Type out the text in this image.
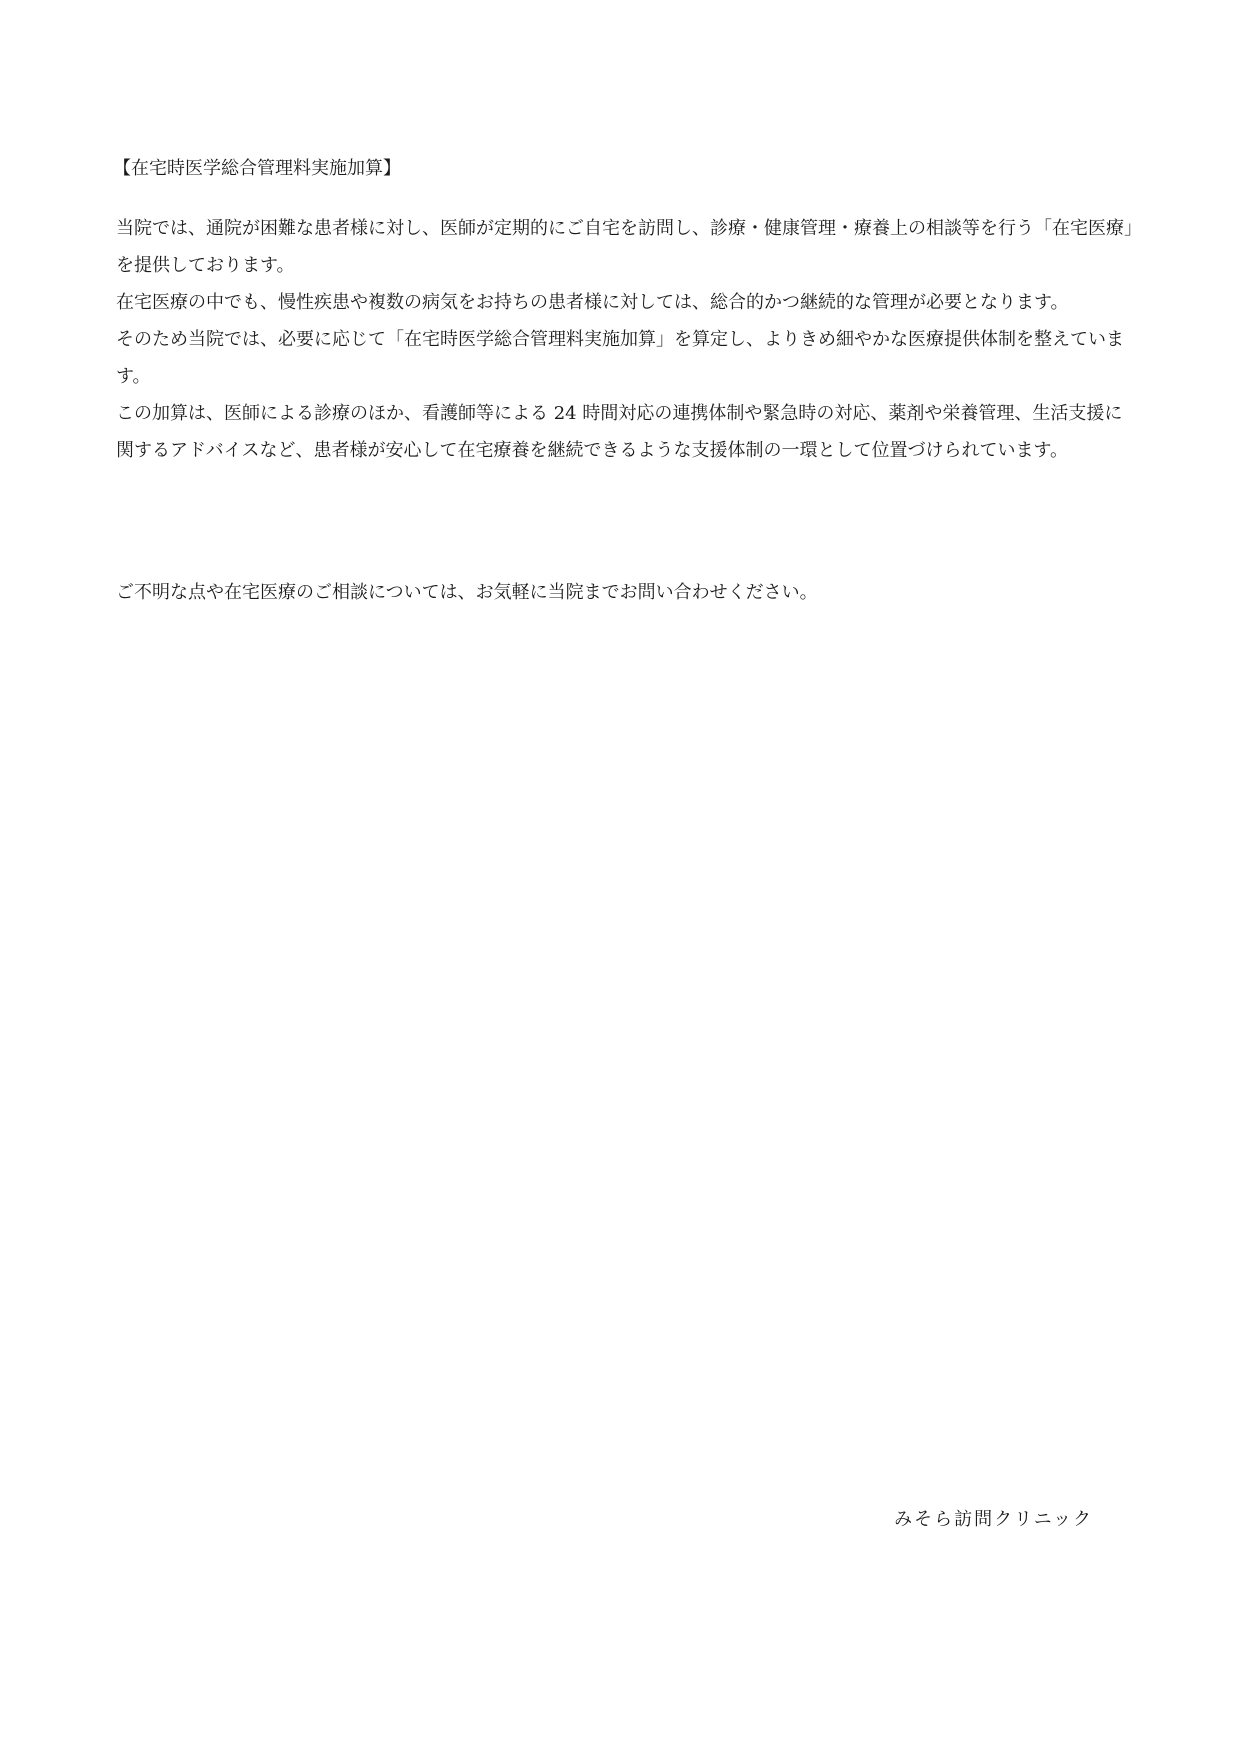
【在宅時医学総合管理料実施加算】

当院では、通院が困難な患者様に対し、医師が定期的にご自宅を訪問し、診療・健康管理・療養上の相談等を行う「在宅医療」を提供しております。

在宅医療の中でも、慢性疾患や複数の病気をお持ちの患者様に対しては、総合的かつ継続的な管理が必要となります。

そのため当院では、必要に応じて「在宅時医学総合管理料実施加算」を算定し、よりきめ細やかな医療提供体制を整えています。

この加算は、医師による診療のほか、看護師等による 24 時間対応の連携体制や緊急時の対応、薬剤や栄養管理、生活支援に関するアドバイスなど、患者様が安心して在宅療養を継続できるような支援体制の一環として位置づけられています。

ご不明な点や在宅医療のご相談については、お気軽に当院までお問い合わせください。
みそら訪問クリニック
